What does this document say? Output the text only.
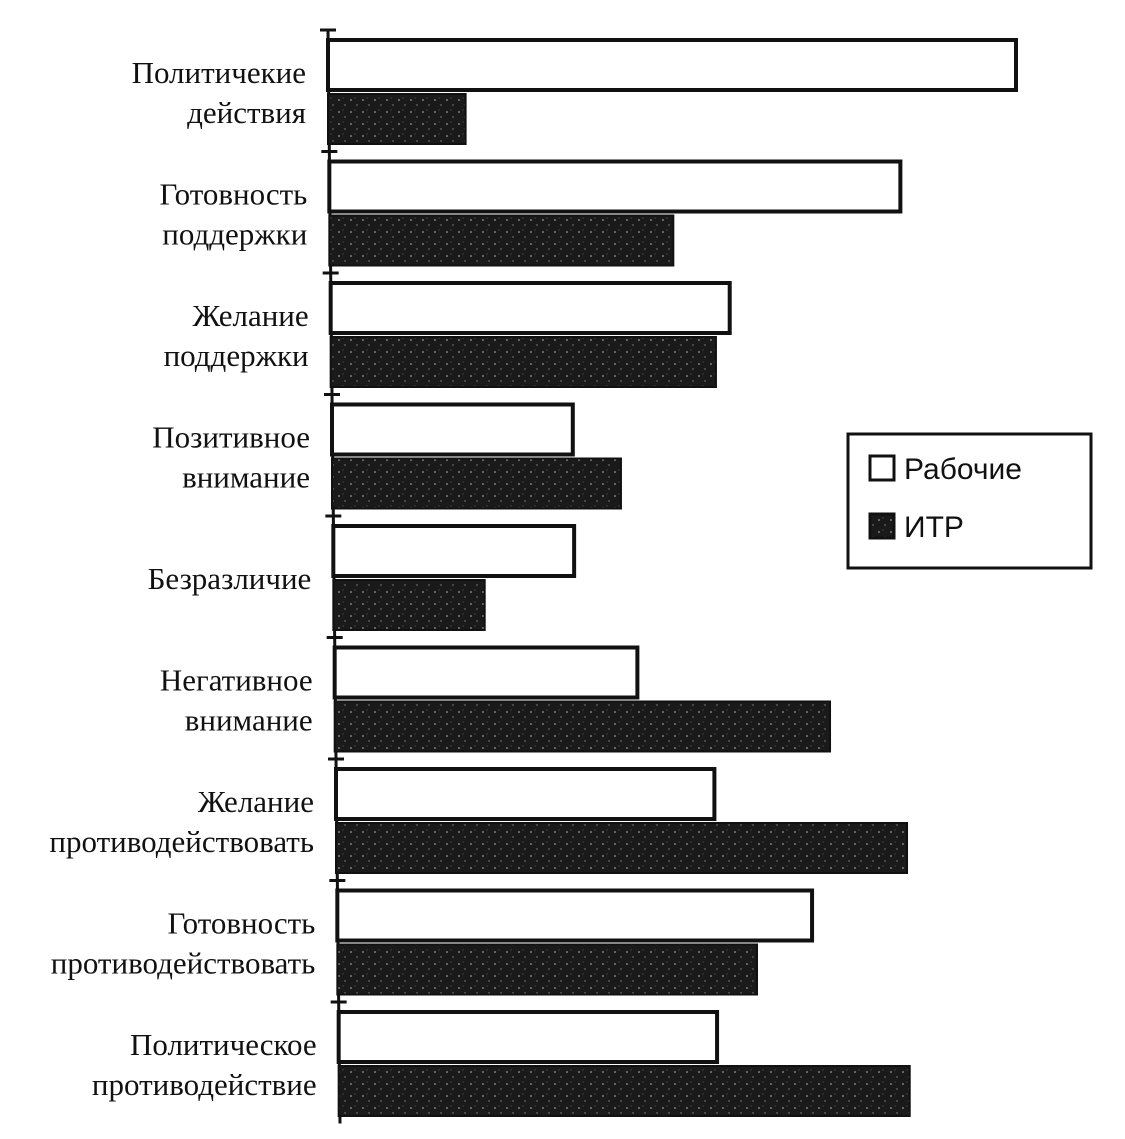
Политичекие
действия
Готовность
поддержки
Желание
поддержки
Позитивное
внимание
Безразличие
Негативное
внимание
Желание
противодействовать
Готовность
противодействовать
Политическое
противодействие
Рабочие
ИТР
